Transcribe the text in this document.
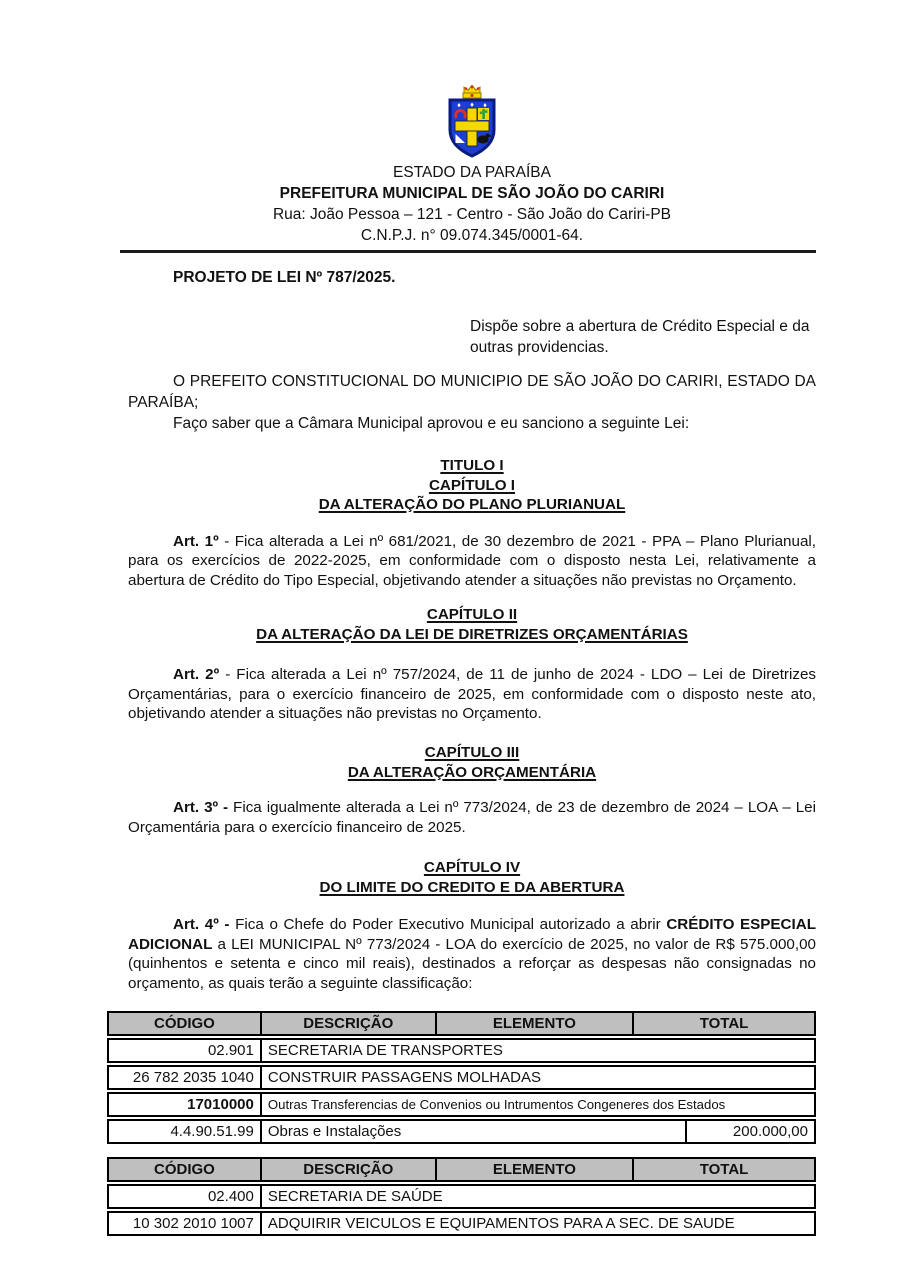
ESTADO DA PARAÍBA
PREFEITURA MUNICIPAL DE SÃO JOÃO DO CARIRI
Rua: João Pessoa – 121 - Centro - São João do Cariri-PB
C.N.P.J. n° 09.074.345/0001-64.

PROJETO DE LEI Nº 787/2025.

Dispõe sobre a abertura de Crédito Especial e da outras providencias.

O PREFEITO CONSTITUCIONAL DO MUNICIPIO DE SÃO JOÃO DO CARIRI, ESTADO DA PARAÍBA;

Faço saber que a Câmara Municipal aprovou e eu sanciono a seguinte Lei:

TITULO I
CAPÍTULO I
DA ALTERAÇÃO DO PLANO PLURIANUAL

Art. 1º - Fica alterada a Lei nº 681/2021, de 30 dezembro de 2021 - PPA – Plano Plurianual, para os exercícios de 2022-2025, em conformidade com o disposto nesta Lei, relativamente a abertura de Crédito do Tipo Especial, objetivando atender a situações não previstas no Orçamento.

CAPÍTULO II
DA ALTERAÇÃO DA LEI DE DIRETRIZES ORÇAMENTÁRIAS

Art. 2º - Fica alterada a Lei nº 757/2024, de 11 de junho de 2024 - LDO – Lei de Diretrizes Orçamentárias, para o exercício financeiro de 2025, em conformidade com o disposto neste ato, objetivando atender a situações não previstas no Orçamento.

CAPÍTULO III
DA ALTERAÇÃO ORÇAMENTÁRIA

Art. 3º - Fica igualmente alterada a Lei nº 773/2024, de 23 de dezembro de 2024 – LOA – Lei Orçamentária para o exercício financeiro de 2025.

CAPÍTULO IV
DO LIMITE DO CREDITO E DA ABERTURA

Art. 4º - Fica o Chefe do Poder Executivo Municipal autorizado a abrir CRÉDITO ESPECIAL ADICIONAL a LEI MUNICIPAL Nº 773/2024 - LOA do exercício de 2025, no valor de R$ 575.000,00 (quinhentos e setenta e cinco mil reais), destinados a reforçar as despesas não consignadas no orçamento, as quais terão a seguinte classificação:

CÓDIGO	DESCRIÇÃO	ELEMENTO	TOTAL
02.901 SECRETARIA DE TRANSPORTES
26 782 2035 1040 CONSTRUIR PASSAGENS MOLHADAS
17010000	Outras Transferencias de Convenios ou Intrumentos Congeneres dos Estados
4.4.90.51.99 Obras e Instalações	200.000,00
CÓDIGO	DESCRIÇÃO	ELEMENTO	TOTAL
02.400 SECRETARIA DE SAÚDE
10 302 2010 1007 ADQUIRIR VEICULOS E EQUIPAMENTOS PARA A SEC. DE SAUDE
